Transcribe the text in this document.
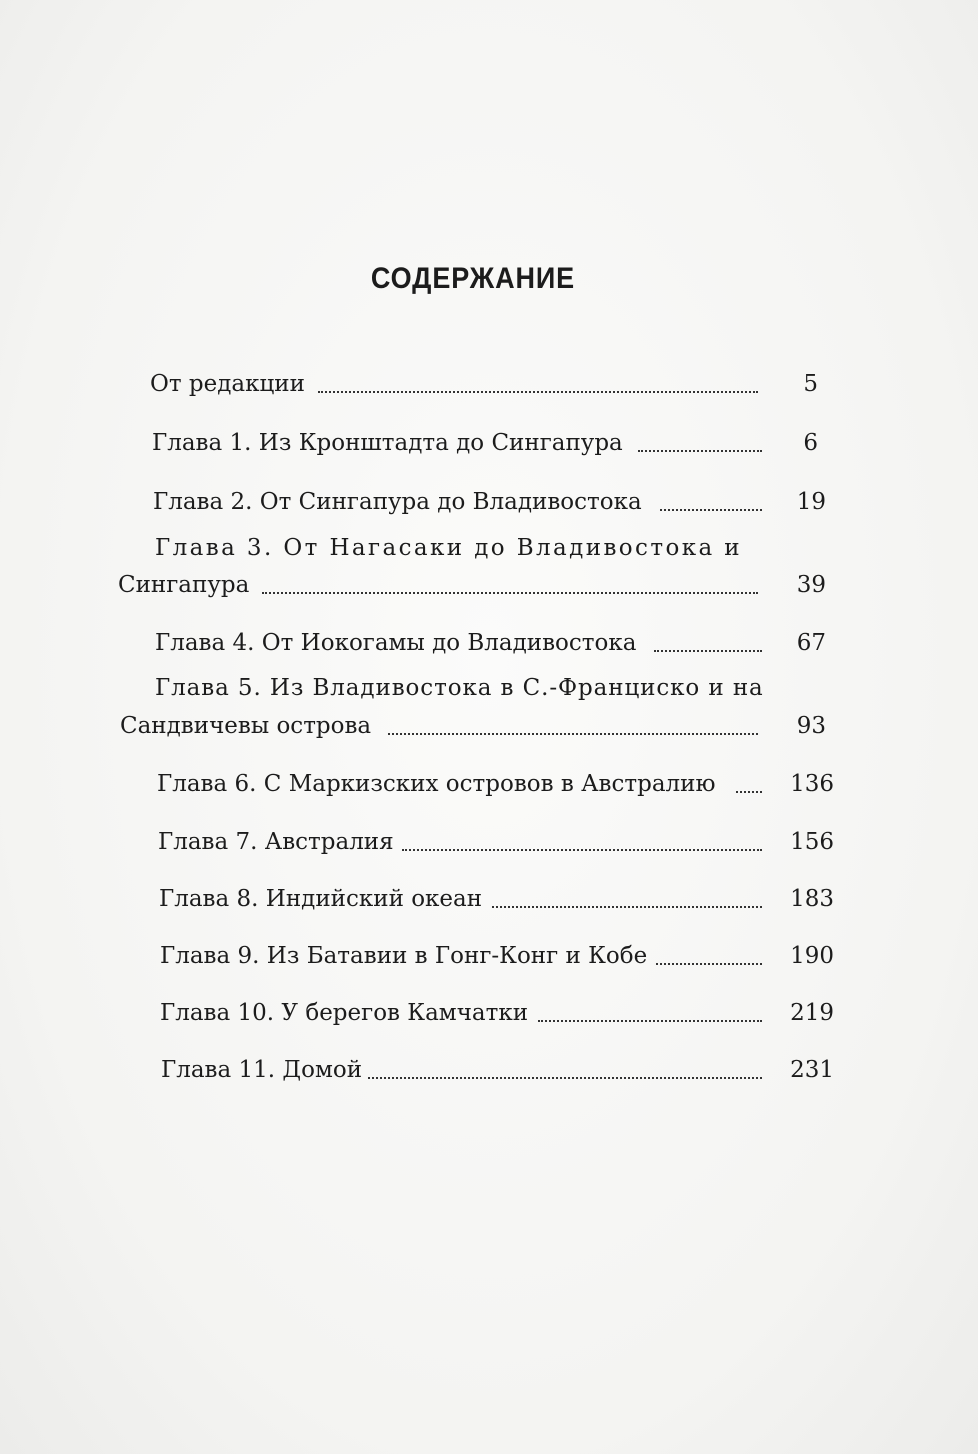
СОДЕРЖАНИЕ
От редакции	5
Глава 1. Из Кронштадта до Сингапура	6
Глава 2. От Сингапура до Владивостока	19
Глава 3. От Нагасаки до Владивостока и
Сингапура	39
Глава 4. От Иокогамы до Владивостока	67
Глава 5. Из Владивостока в С.-Франциско и на
Сандвичевы острова	93
Глава 6. С Маркизских островов в Австралию	136
Глава 7. Австралия	156
Глава 8. Индийский океан	183
Глава 9. Из Батавии в Гонг-Конг и Кобе	190
Глава 10. У берегов Камчатки	219
Глава 11. Домой	231
